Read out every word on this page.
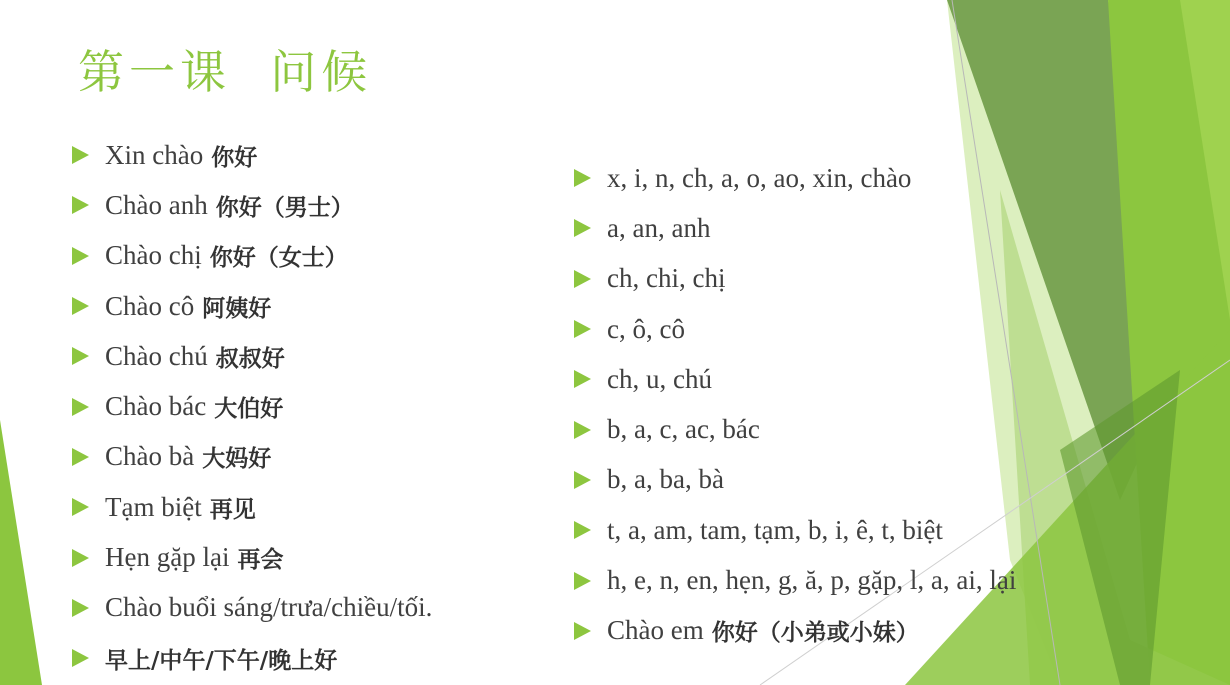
第一课  问候
Xin chào 你好
Chào anh 你好（男士）
Chào chị 你好（女士）
Chào cô 阿姨好
Chào chú 叔叔好
Chào bác 大伯好
Chào bà 大妈好
Tạm biệt 再见
Hẹn gặp lại 再会
Chào buổi sáng/trưa/chiều/tối.
早上/中午/下午/晚上好
x, i, n, ch, a, o, ao, xin, chào
a, an, anh
ch, chi, chị
c, ô, cô
ch, u, chú
b, a, c, ac, bác
b, a, ba, bà
t, a, am, tam, tạm, b, i, ê, t, biệt
h, e, n, en, hẹn, g, ă, p, gặp, l, a, ai, lại
Chào em 你好（小弟或小妹）
